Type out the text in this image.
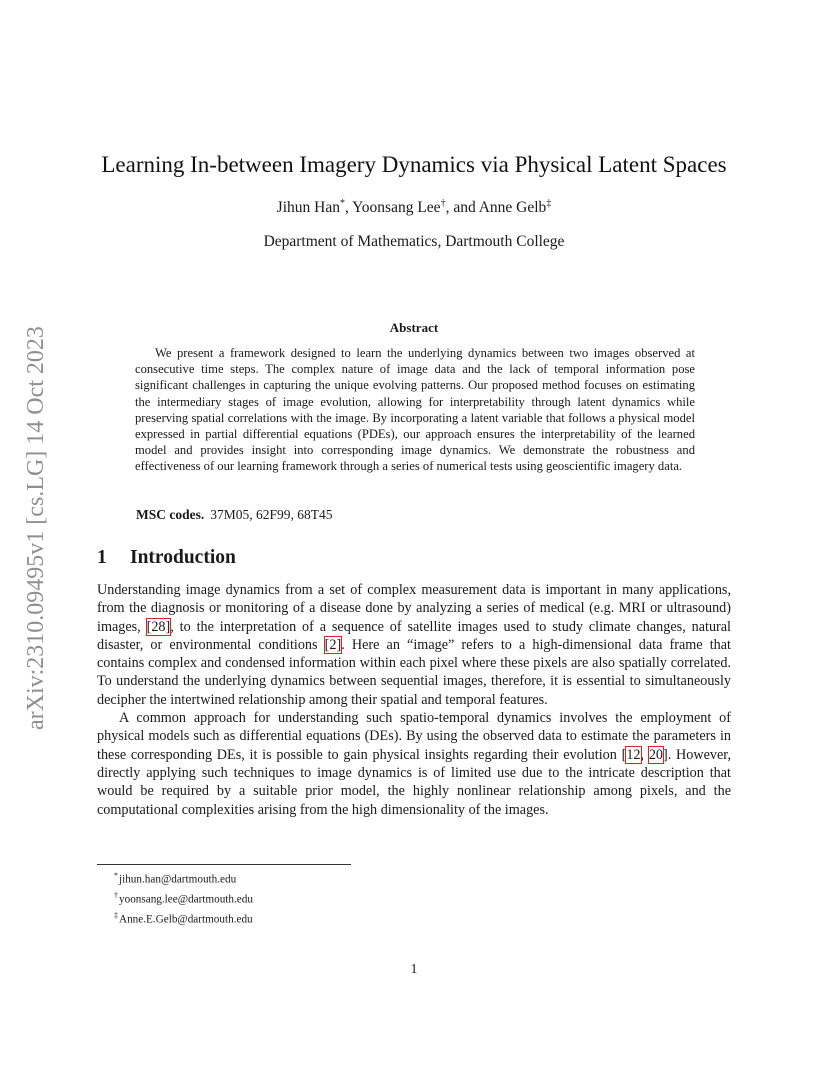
arXiv:2310.09495v1 [cs.LG] 14 Oct 2023
Learning In-between Imagery Dynamics via Physical Latent Spaces
Jihun Han*, Yoonsang Lee†, and Anne Gelb‡
Department of Mathematics, Dartmouth College
Abstract
We present a framework designed to learn the underlying dynamics between two images observed at consecutive time steps. The complex nature of image data and the lack of temporal information pose significant challenges in capturing the unique evolving patterns. Our proposed method focuses on estimating the intermediary stages of image evolution, allowing for interpretability through latent dynamics while preserving spatial correlations with the image. By incorporating a latent variable that follows a physical model expressed in partial differential equations (PDEs), our approach ensures the interpretability of the learned model and provides insight into corresponding image dynamics. We demonstrate the robustness and effectiveness of our learning framework through a series of numerical tests using geoscientific imagery data.
MSC codes. 37M05, 62F99, 68T45
1 Introduction

Understanding image dynamics from a set of complex measurement data is important in many applications, from the diagnosis or monitoring of a disease done by analyzing a series of medical (e.g. MRI or ultrasound) images, [28], to the interpretation of a sequence of satellite images used to study climate changes, natural disaster, or environmental conditions [2]. Here an “image” refers to a high-dimensional data frame that contains complex and condensed information within each pixel where these pixels are also spatially correlated. To understand the underlying dynamics between sequential images, therefore, it is essential to simultaneously decipher the intertwined relationship among their spatial and temporal features.

A common approach for understanding such spatio-temporal dynamics involves the employment of physical models such as differential equations (DEs). By using the observed data to estimate the parameters in these corresponding DEs, it is possible to gain physical insights regarding their evolution [12, 20]. However, directly applying such techniques to image dynamics is of limited use due to the intricate description that would be required by a suitable prior model, the highly nonlinear relationship among pixels, and the computational complexities arising from the high dimensionality of the images.

*jihun.han@dartmouth.edu
†yoonsang.lee@dartmouth.edu
‡Anne.E.Gelb@dartmouth.edu
1
